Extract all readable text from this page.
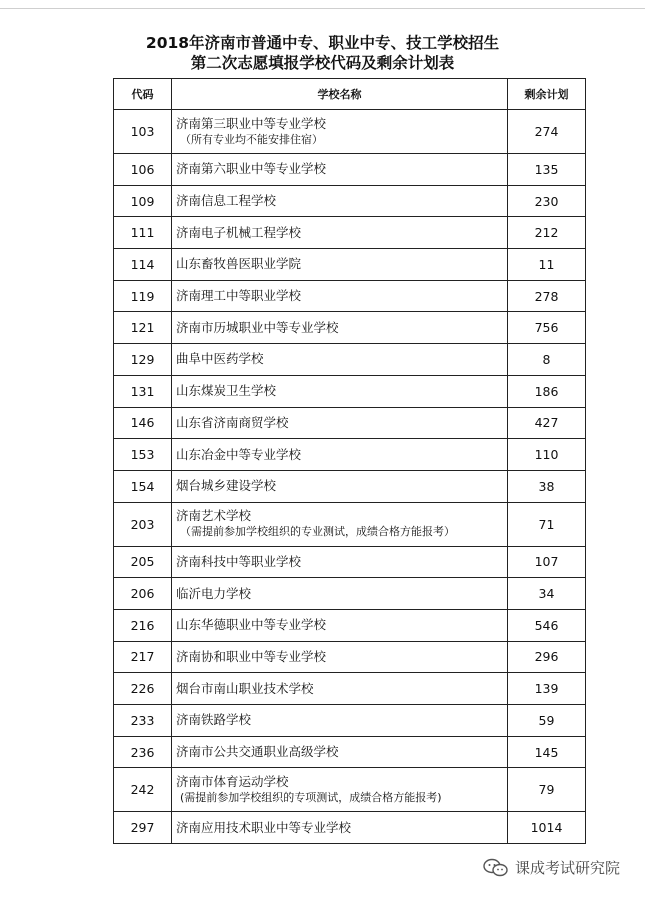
2018年济南市普通中专、职业中专、技工学校招生
第二次志愿填报学校代码及剩余计划表
代码	学校名称	剩余计划
103	济南第三职业中等专业学校
（所有专业均不能安排住宿）	274
106	济南第六职业中等专业学校	135
109	济南信息工程学校	230
111	济南电子机械工程学校	212
114	山东畜牧兽医职业学院	11
119	济南理工中等职业学校	278
121	济南市历城职业中等专业学校	756
129	曲阜中医药学校	8
131	山东煤炭卫生学校	186
146	山东省济南商贸学校	427
153	山东冶金中等专业学校	110
154	烟台城乡建设学校	38
203	济南艺术学校
（需提前参加学校组织的专业测试，成绩合格方能报考）	71
205	济南科技中等职业学校	107
206	临沂电力学校	34
216	山东华德职业中等专业学校	546
217	济南协和职业中等专业学校	296
226	烟台市南山职业技术学校	139
233	济南铁路学校	59
236	济南市公共交通职业高级学校	145
242	济南市体育运动学校
(需提前参加学校组织的专项测试，成绩合格方能报考)	79
297	济南应用技术职业中等专业学校	1014
课成考试研究院
